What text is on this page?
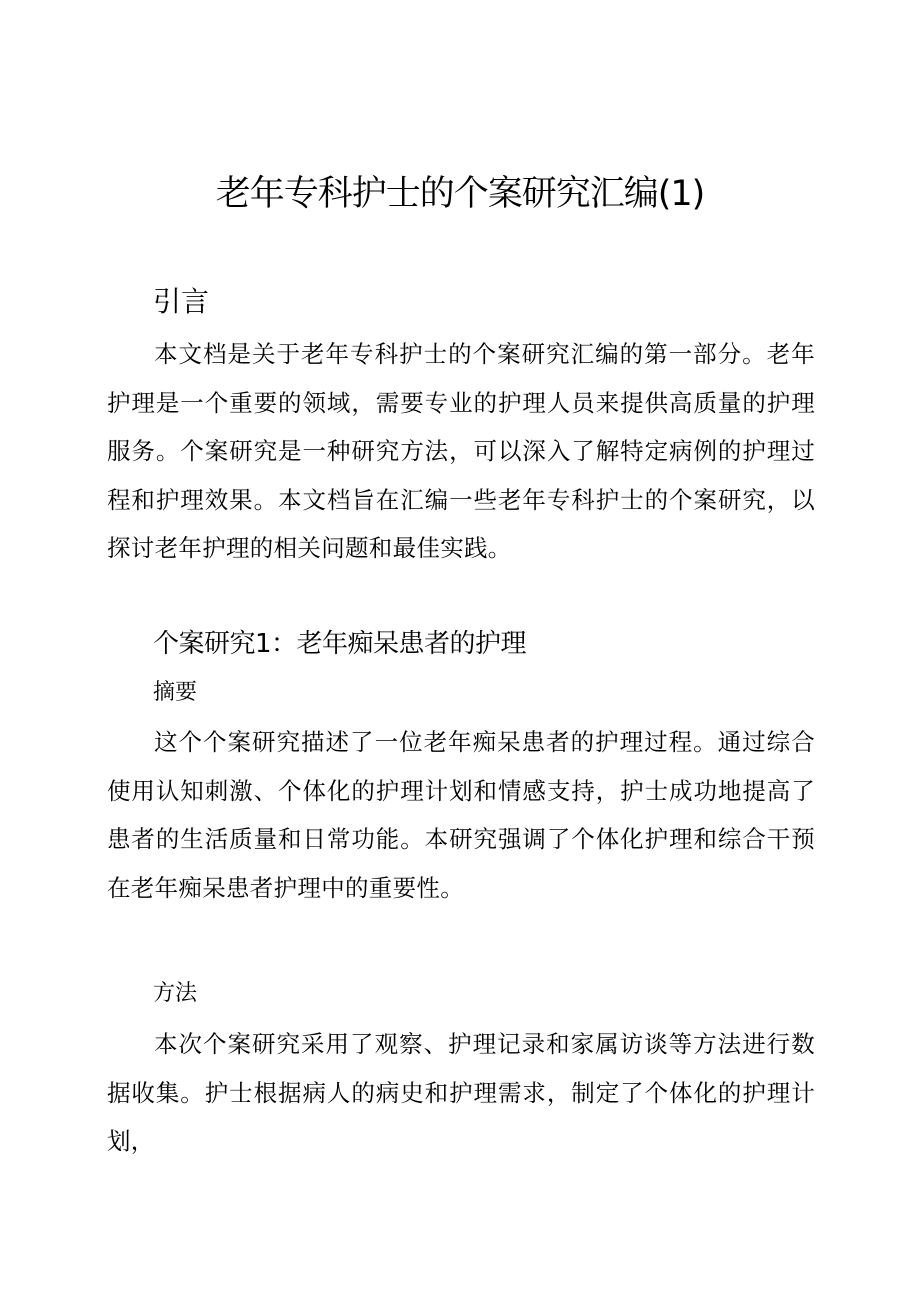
老年专科护士的个案研究汇编(1)
引言

本文档是关于老年专科护士的个案研究汇编的第一部分。老年护理是一个重要的领域，需要专业的护理人员来提供高质量的护理服务。个案研究是一种研究方法，可以深入了解特定病例的护理过程和护理效果。本文档旨在汇编一些老年专科护士的个案研究，以探讨老年护理的相关问题和最佳实践。

个案研究1：老年痴呆患者的护理
摘要

这个个案研究描述了一位老年痴呆患者的护理过程。通过综合使用认知刺激、个体化的护理计划和情感支持，护士成功地提高了患者的生活质量和日常功能。本研究强调了个体化护理和综合干预在老年痴呆患者护理中的重要性。

方法

本次个案研究采用了观察、护理记录和家属访谈等方法进行数据收集。护士根据病人的病史和护理需求，制定了个体化的护理计划，
